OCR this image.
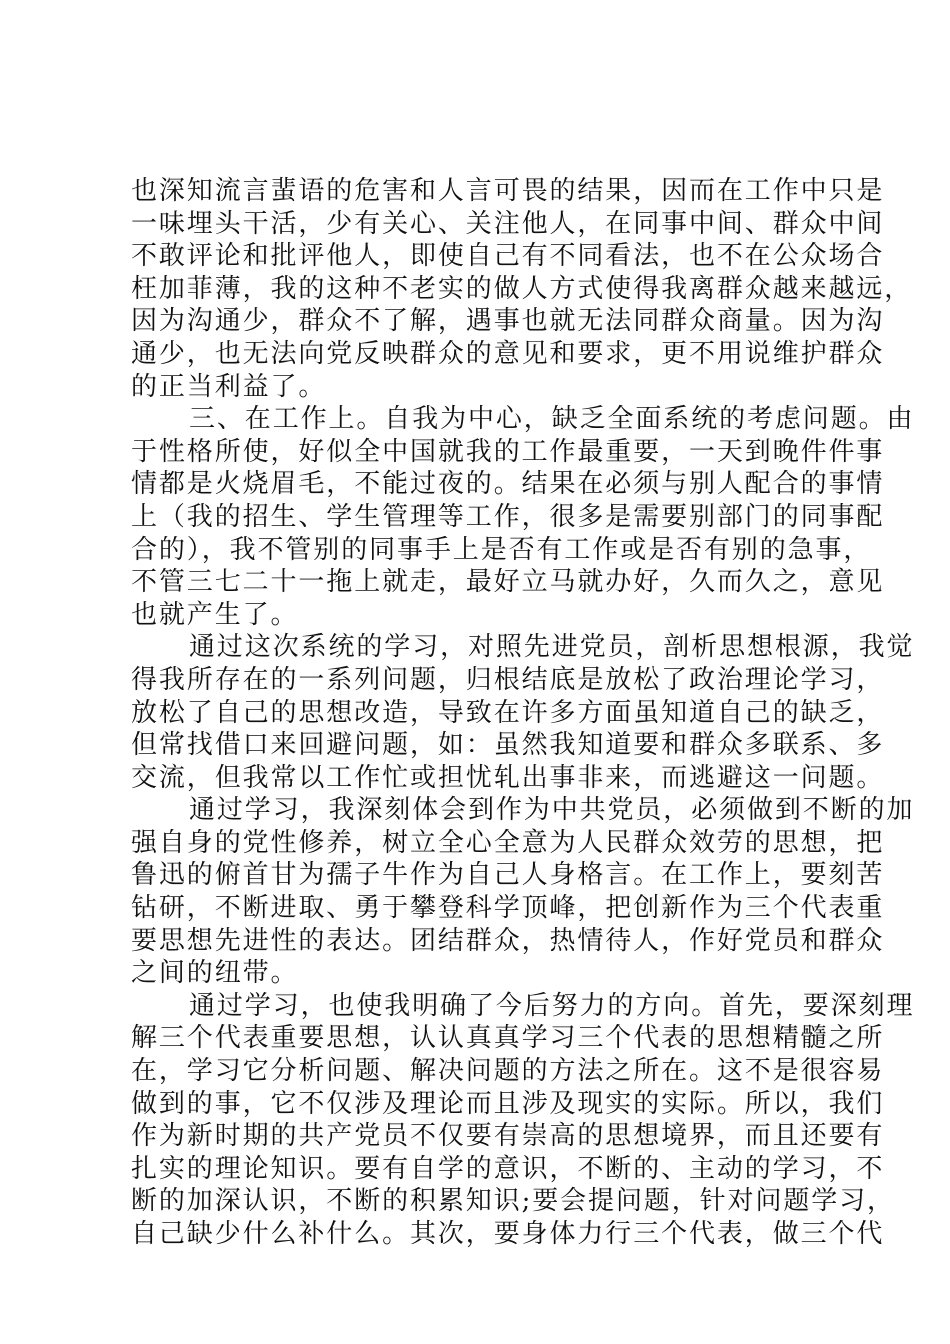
也深知流言蜚语的危害和人言可畏的结果，因而在工作中只是
一味埋头干活，少有关心、关注他人，在同事中间、群众中间
不敢评论和批评他人，即使自己有不同看法，也不在公众场合
枉加菲薄，我的这种不老实的做人方式使得我离群众越来越远，
因为沟通少，群众不了解，遇事也就无法同群众商量。因为沟
通少，也无法向党反映群众的意见和要求，更不用说维护群众
的正当利益了。
三、在工作上。自我为中心，缺乏全面系统的考虑问题。由
于性格所使，好似全中国就我的工作最重要，一天到晚件件事
情都是火烧眉毛，不能过夜的。结果在必须与别人配合的事情
上（我的招生、学生管理等工作，很多是需要别部门的同事配
合的），我不管别的同事手上是否有工作或是否有别的急事，
不管三七二十一拖上就走，最好立马就办好，久而久之，意见
也就产生了。
通过这次系统的学习，对照先进党员，剖析思想根源，我觉
得我所存在的一系列问题，归根结底是放松了政治理论学习，
放松了自己的思想改造，导致在许多方面虽知道自己的缺乏，
但常找借口来回避问题，如：虽然我知道要和群众多联系、多
交流，但我常以工作忙或担忧轧出事非来，而逃避这一问题。
通过学习，我深刻体会到作为中共党员，必须做到不断的加
强自身的党性修养，树立全心全意为人民群众效劳的思想，把
鲁迅的俯首甘为孺子牛作为自己人身格言。在工作上，要刻苦
钻研，不断进取、勇于攀登科学顶峰，把创新作为三个代表重
要思想先进性的表达。团结群众，热情待人，作好党员和群众
之间的纽带。
通过学习，也使我明确了今后努力的方向。首先，要深刻理
解三个代表重要思想，认认真真学习三个代表的思想精髓之所
在，学习它分析问题、解决问题的方法之所在。这不是很容易
做到的事，它不仅涉及理论而且涉及现实的实际。所以，我们
作为新时期的共产党员不仅要有崇高的思想境界，而且还要有
扎实的理论知识。要有自学的意识，不断的、主动的学习，不
断的加深认识，不断的积累知识;要会提问题，针对问题学习，
自己缺少什么补什么。其次，要身体力行三个代表，做三个代
